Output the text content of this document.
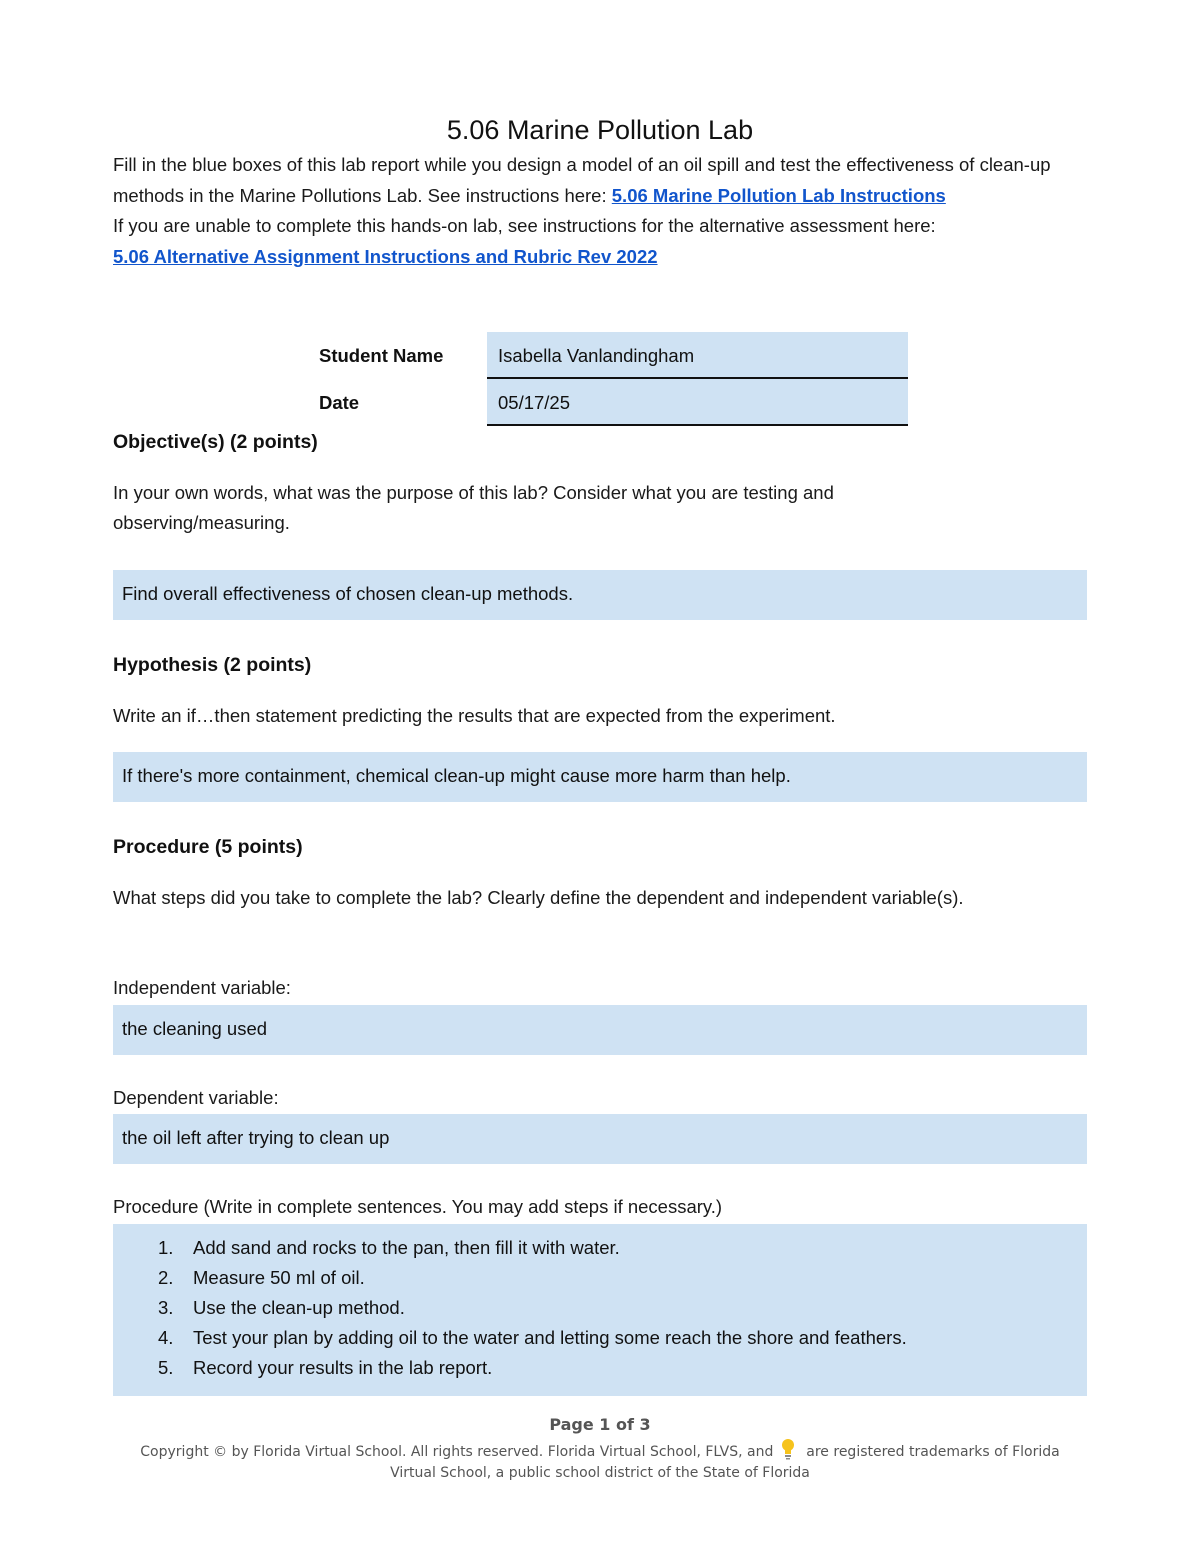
5.06 Marine Pollution Lab

Fill in the blue boxes of this lab report while you design a model of an oil spill and test the effectiveness of clean-up methods in the Marine Pollutions Lab. See instructions here: 5.06 Marine Pollution Lab Instructions

If you are unable to complete this hands-on lab, see instructions for the alternative assessment here:

5.06 Alternative Assignment Instructions and Rubric Rev 2022

Student Name	Isabella Vanlandingham
Date	05/17/25
Objective(s) (2 points)
In your own words, what was the purpose of this lab? Consider what you are testing and observing/measuring.
Find overall effectiveness of chosen clean-up methods.
Hypothesis (2 points)
Write an if…then statement predicting the results that are expected from the experiment.
If there's more containment, chemical clean-up might cause more harm than help.
Procedure (5 points)
What steps did you take to complete the lab? Clearly define the dependent and independent variable(s).
Independent variable:
the cleaning used
Dependent variable:
the oil left after trying to clean up
Procedure (Write in complete sentences. You may add steps if necessary.)
1.	Add sand and rocks to the pan, then fill it with water.
2.	Measure 50 ml of oil.
3.	Use the clean-up method.
4.	Test your plan by adding oil to the water and letting some reach the shore and feathers.
5.	Record your results in the lab report.
Page 1 of 3
Copyright © by Florida Virtual School. All rights reserved. Florida Virtual School, FLVS, and are registered trademarks of Florida Virtual School, a public school district of the State of Florida
